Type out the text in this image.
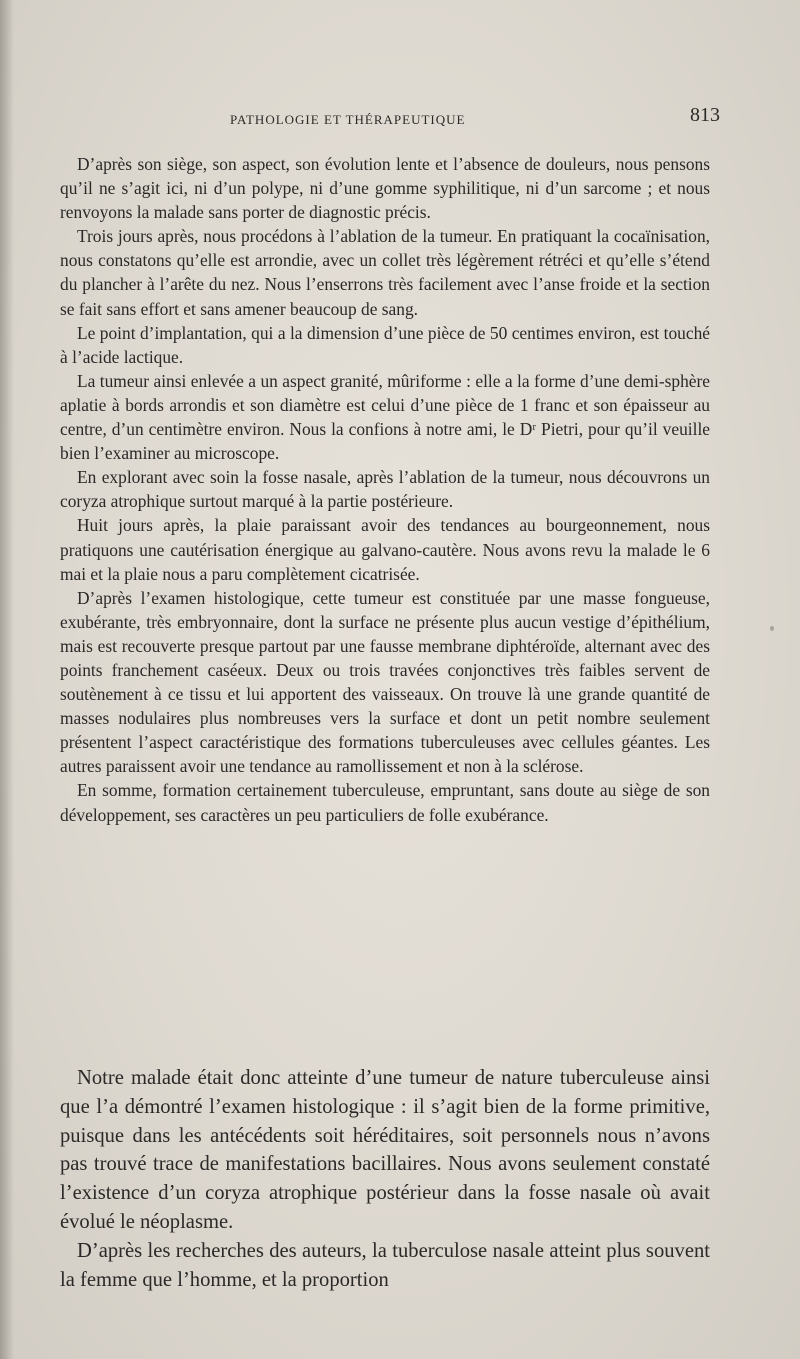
PATHOLOGIE ET THÉRAPEUTIQUE	813

D’après son siège, son aspect, son évolution lente et l’absence de douleurs, nous pensons qu’il ne s’agit ici, ni d’un polype, ni d’une gomme syphilitique, ni d’un sarcome ; et nous renvoyons la malade sans porter de diagnostic précis.

Trois jours après, nous procédons à l’ablation de la tumeur. En pratiquant la cocaïnisation, nous constatons qu’elle est arrondie, avec un collet très légèrement rétréci et qu’elle s’étend du plancher à l’arête du nez. Nous l’enserrons très facilement avec l’anse froide et la section se fait sans effort et sans amener beaucoup de sang.

Le point d’implantation, qui a la dimension d’une pièce de 50 centimes environ, est touché à l’acide lactique.

La tumeur ainsi enlevée a un aspect granité, mûriforme : elle a la forme d’une demi-sphère aplatie à bords arrondis et son diamètre est celui d’une pièce de 1 franc et son épaisseur au centre, d’un centimètre environ. Nous la confions à notre ami, le Dʳ Pietri, pour qu’il veuille bien l’examiner au microscope.

En explorant avec soin la fosse nasale, après l’ablation de la tumeur, nous découvrons un coryza atrophique surtout marqué à la partie postérieure.

Huit jours après, la plaie paraissant avoir des tendances au bourgeonnement, nous pratiquons une cautérisation énergique au galvano-cautère. Nous avons revu la malade le 6 mai et la plaie nous a paru complètement cicatrisée.

D’après l’examen histologique, cette tumeur est constituée par une masse fongueuse, exubérante, très embryonnaire, dont la surface ne présente plus aucun vestige d’épithélium, mais est recouverte presque partout par une fausse membrane diphtéroïde, alternant avec des points franchement caséeux. Deux ou trois travées conjonctives très faibles servent de soutènement à ce tissu et lui apportent des vaisseaux. On trouve là une grande quantité de masses nodulaires plus nombreuses vers la surface et dont un petit nombre seulement présentent l’aspect caractéristique des formations tuberculeuses avec cellules géantes. Les autres paraissent avoir une tendance au ramollissement et non à la sclérose.

En somme, formation certainement tuberculeuse, empruntant, sans doute au siège de son développement, ses caractères un peu particuliers de folle exubérance.

Notre malade était donc atteinte d’une tumeur de nature tuberculeuse ainsi que l’a démontré l’examen histologique : il s’agit bien de la forme primitive, puisque dans les antécédents soit héréditaires, soit personnels nous n’avons pas trouvé trace de manifestations bacillaires. Nous avons seulement constaté l’existence d’un coryza atrophique postérieur dans la fosse nasale où avait évolué le néoplasme.

D’après les recherches des auteurs, la tuberculose nasale atteint plus souvent la femme que l’homme, et la proportion
